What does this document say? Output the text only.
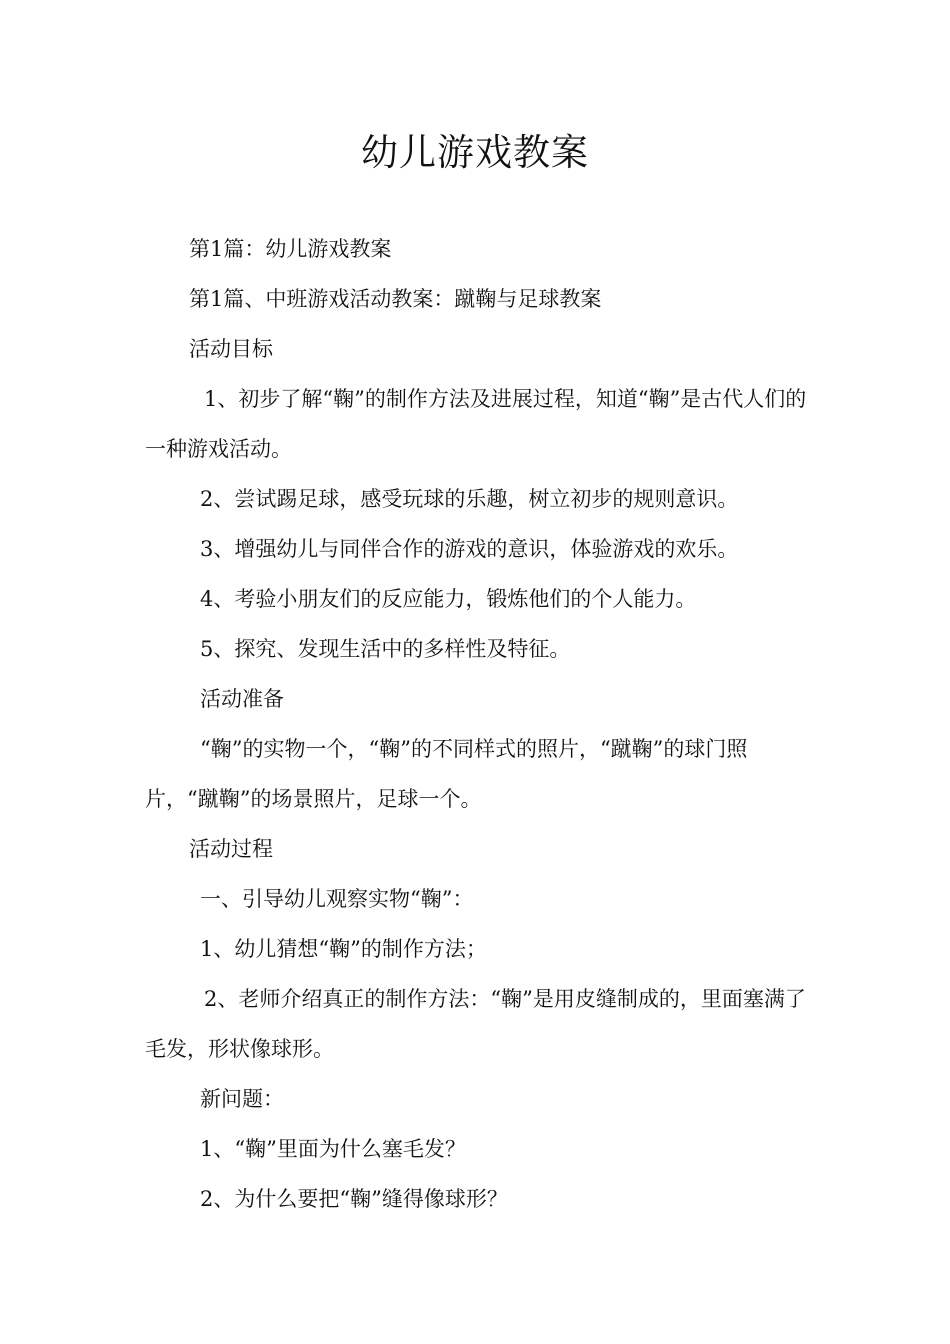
幼儿游戏教案

第1篇：幼儿游戏教案

第1篇、中班游戏活动教案：蹴鞠与足球教案

活动目标

1、初步了解“鞠”的制作方法及进展过程，知道“鞠”是古代人们的一种游戏活动。

2、尝试踢足球，感受玩球的乐趣，树立初步的规则意识。

3、增强幼儿与同伴合作的游戏的意识，体验游戏的欢乐。

4、考验小朋友们的反应能力，锻炼他们的个人能力。

5、探究、发现生活中的多样性及特征。

活动准备

“鞠”的实物一个，“鞠”的不同样式的照片，“蹴鞠”的球门照片，“蹴鞠”的场景照片，足球一个。

活动过程

一、引导幼儿观察实物“鞠”：

1、幼儿猜想“鞠”的制作方法；

2、老师介绍真正的制作方法：“鞠”是用皮缝制成的，里面塞满了毛发，形状像球形。

新问题：

1、“鞠”里面为什么塞毛发？

2、为什么要把“鞠”缝得像球形？
